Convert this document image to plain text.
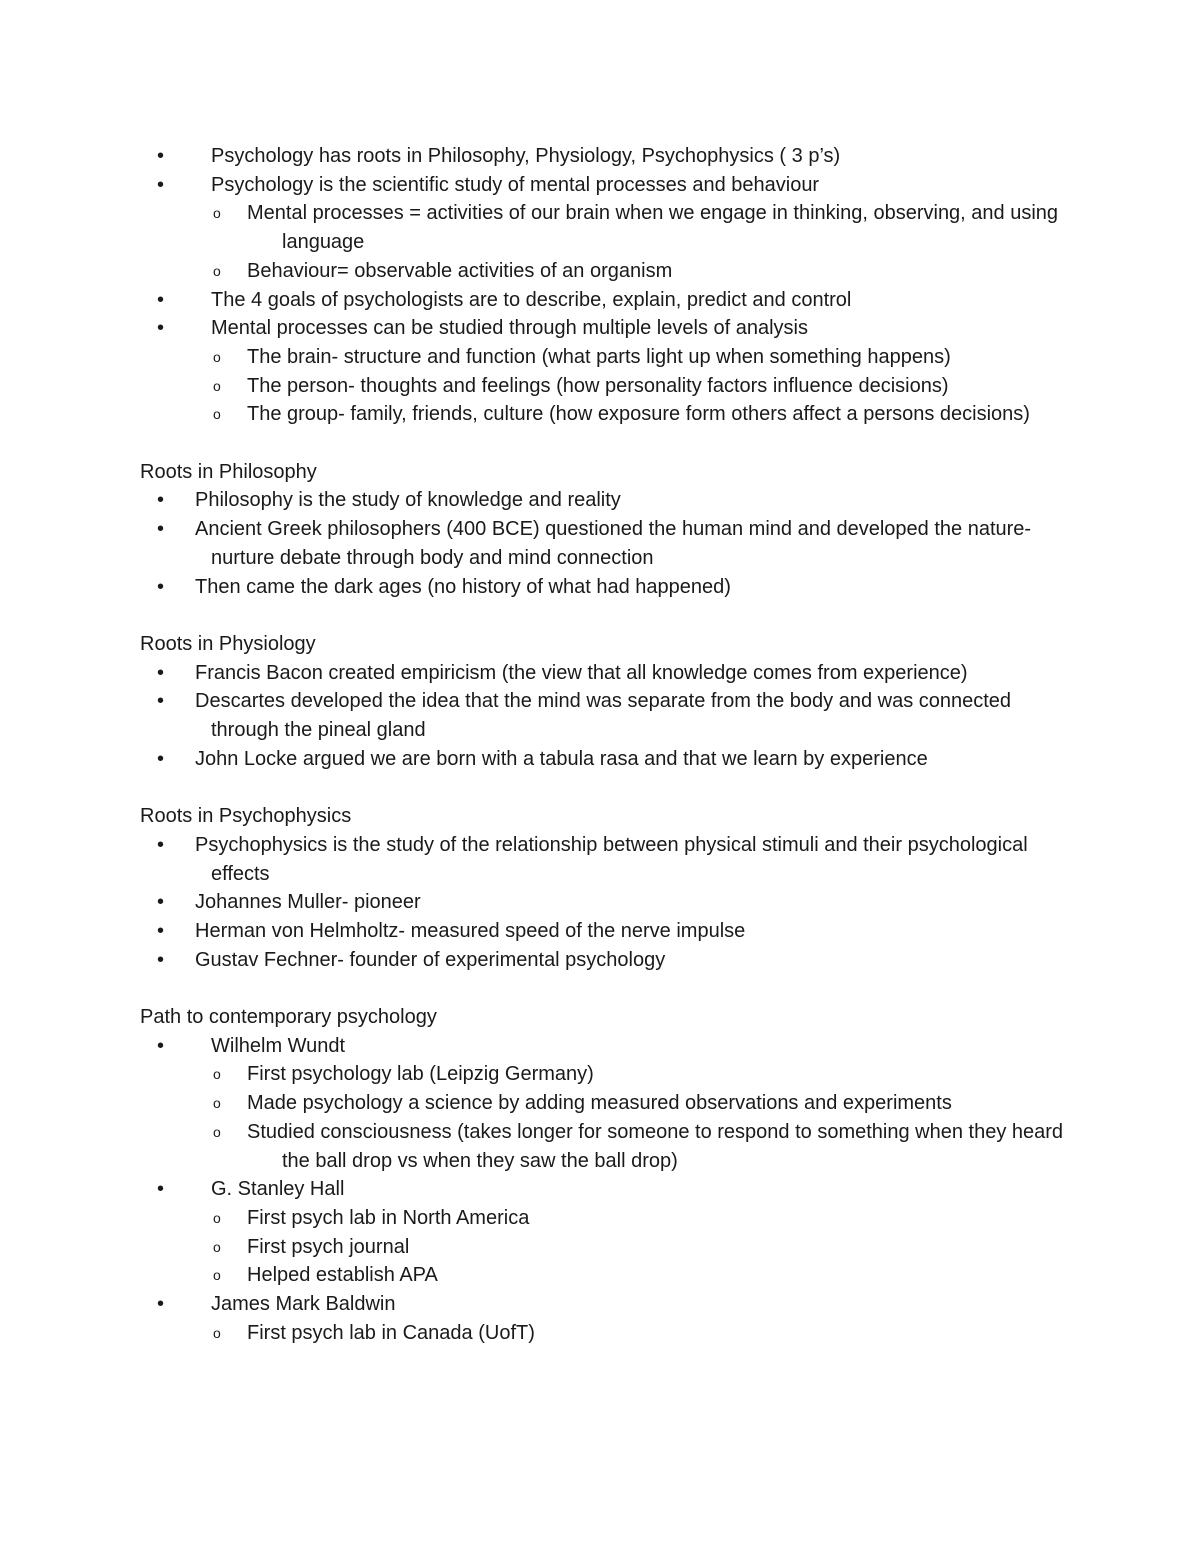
• Psychology has roots in Philosophy, Physiology, Psychophysics ( 3 p’s)
• Psychology is the scientific study of mental processes and behaviour
o Mental processes = activities of our brain when we engage in thinking, observing, and using language
o Behaviour= observable activities of an organism
• The 4 goals of psychologists are to describe, explain, predict and control
• Mental processes can be studied through multiple levels of analysis
o The brain- structure and function (what parts light up when something happens)
o The person- thoughts and feelings (how personality factors influence decisions)
o The group- family, friends, culture (how exposure form others affect a persons decisions)

Roots in Philosophy

• Philosophy is the study of knowledge and reality
• Ancient Greek philosophers (400 BCE) questioned the human mind and developed the nature-nurture debate through body and mind connection
• Then came the dark ages (no history of what had happened)

Roots in Physiology

• Francis Bacon created empiricism (the view that all knowledge comes from experience)
• Descartes developed the idea that the mind was separate from the body and was connected through the pineal gland
• John Locke argued we are born with a tabula rasa and that we learn by experience

Roots in Psychophysics

• Psychophysics is the study of the relationship between physical stimuli and their psychological effects
• Johannes Muller- pioneer
• Herman von Helmholtz- measured speed of the nerve impulse
• Gustav Fechner- founder of experimental psychology

Path to contemporary psychology

• Wilhelm Wundt
o First psychology lab (Leipzig Germany)
o Made psychology a science by adding measured observations and experiments
o Studied consciousness (takes longer for someone to respond to something when they heard the ball drop vs when they saw the ball drop)
• G. Stanley Hall
o First psych lab in North America
o First psych journal
o Helped establish APA
• James Mark Baldwin
o First psych lab in Canada (UofT)
